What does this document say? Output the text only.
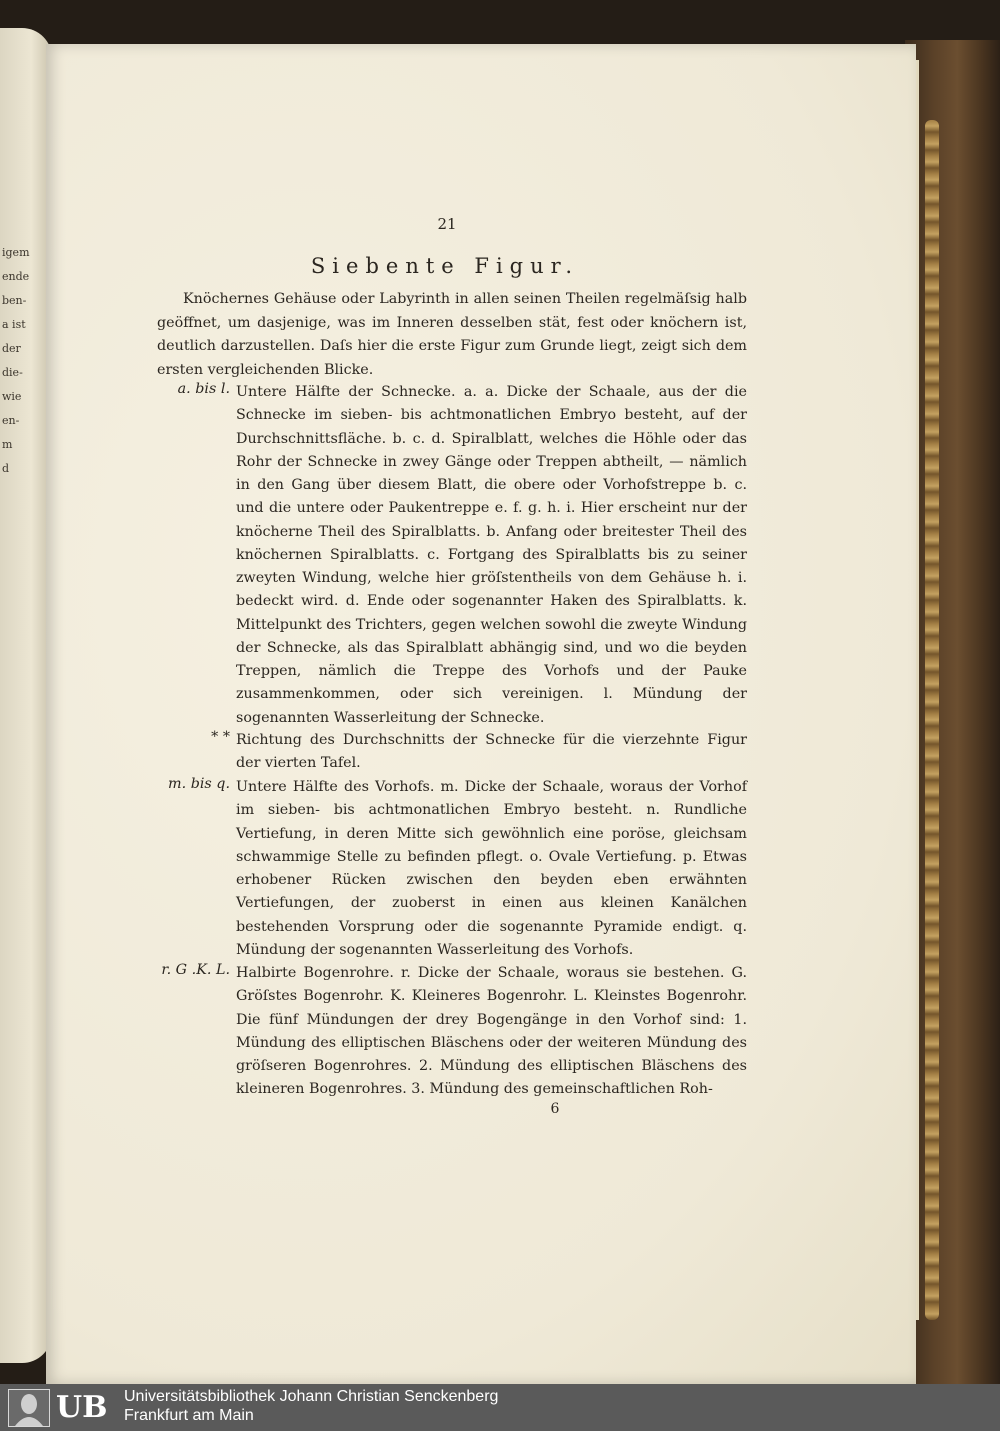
igem
ende
ben-
a ist
der
die-
wie
en-
m
d
21
Siebente Figur.
Knöchernes Gehäuse oder Labyrinth in allen seinen Theilen regelmäſsig halb geöffnet, um dasjenige, was im Inneren desselben stät, fest oder knöchern ist, deutlich darzustellen. Daſs hier die erste Figur zum Grunde liegt, zeigt sich dem ersten vergleichenden Blicke.
a. bis l. Untere Hälfte der Schnecke. a. a. Dicke der Schaale, aus der die Schnecke im sieben- bis achtmonatlichen Embryo besteht, auf der Durchschnittsfläche. b. c. d. Spiralblatt, welches die Höhle oder das Rohr der Schnecke in zwey Gänge oder Treppen abtheilt, — nämlich in den Gang über diesem Blatt, die obere oder Vorhofstreppe b. c. und die untere oder Paukentreppe e. f. g. h. i. Hier erscheint nur der knöcherne Theil des Spiralblatts. b. Anfang oder breitester Theil des knöchernen Spiralblatts. c. Fortgang des Spiralblatts bis zu seiner zweyten Windung, welche hier gröſstentheils von dem Gehäuse h. i. bedeckt wird. d. Ende oder sogenannter Haken des Spiralblatts. k. Mittelpunkt des Trichters, gegen welchen sowohl die zweyte Windung der Schnecke, als das Spiralblatt abhängig sind, und wo die beyden Treppen, nämlich die Treppe des Vorhofs und der Pauke zusammenkommen, oder sich vereinigen. l. Mündung der sogenannten Wasserleitung der Schnecke.
* * Richtung des Durchschnitts der Schnecke für die vierzehnte Figur der vierten Tafel.
m. bis q. Untere Hälfte des Vorhofs. m. Dicke der Schaale, woraus der Vorhof im sieben- bis achtmonatlichen Embryo besteht. n. Rundliche Vertiefung, in deren Mitte sich gewöhnlich eine poröse, gleichsam schwammige Stelle zu befinden pflegt. o. Ovale Vertiefung. p. Etwas erhobener Rücken zwischen den beyden eben erwähnten Vertiefungen, der zuoberst in einen aus kleinen Kanälchen bestehenden Vorsprung oder die sogenannte Pyramide endigt. q. Mündung der sogenannten Wasserleitung des Vorhofs.
r. G .K. L. Halbirte Bogenrohre. r. Dicke der Schaale, woraus sie bestehen. G. Gröſstes Bogenrohr. K. Kleineres Bogenrohr. L. Kleinstes Bogenrohr. Die fünf Mündungen der drey Bogengänge in den Vorhof sind: 1. Mündung des elliptischen Bläschens oder der weiteren Mündung des gröſseren Bogenrohres. 2. Mündung des elliptischen Bläschens des kleineren Bogenrohres. 3. Mündung des gemeinschaftlichen Roh-
6
UB Universitätsbibliothek Johann Christian Senckenberg
Frankfurt am Main
